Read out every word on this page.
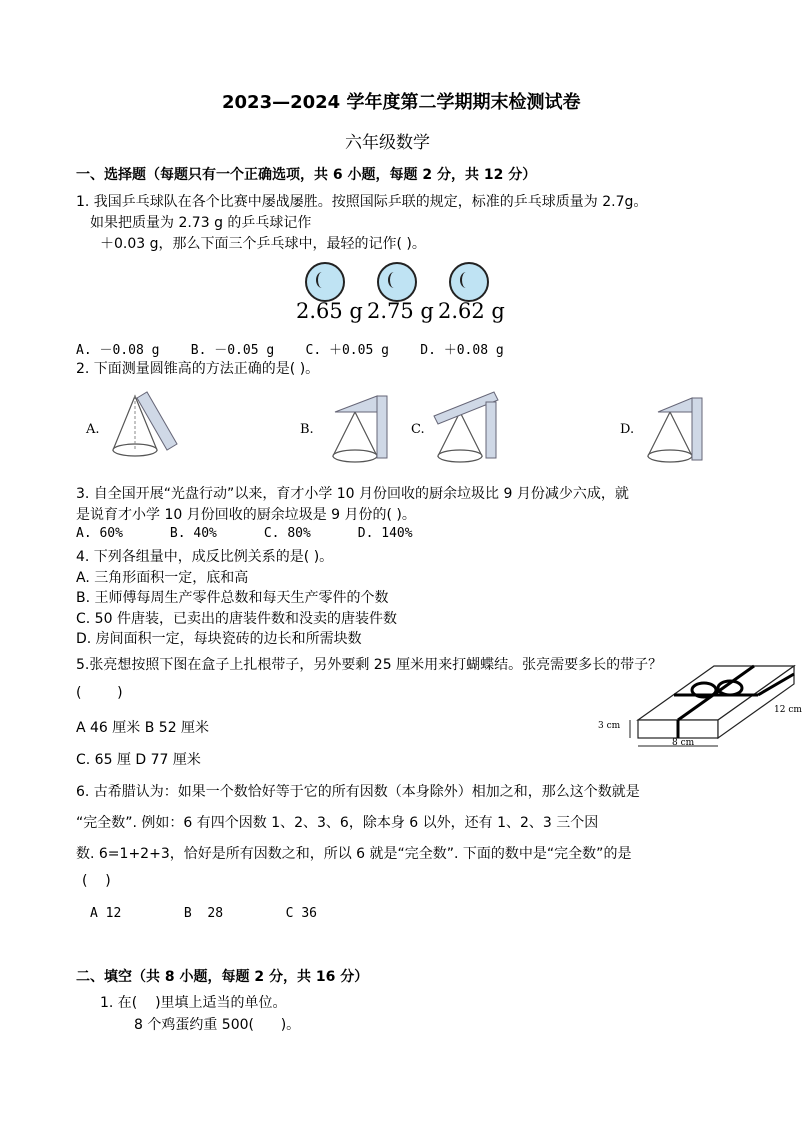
2023—2024 学年度第二学期期末检测试卷
六年级数学
一、选择题（每题只有一个正确选项，共 6 小题，每题 2 分，共 12 分）
1. 我国乒乓球队在各个比赛中屡战屡胜。按照国际乒联的规定，标准的乒乓球质量为 2.7g。
如果把质量为 2.73 g 的乒乓球记作
＋0.03 g，那么下面三个乒乓球中，最轻的记作( )。
2.65 g 2.75 g 2.62 g
A. －0.08 g    B. －0.05 g    C. ＋0.05 g    D. ＋0.08 g
2. 下面测量圆锥高的方法正确的是( )。
A.	B.	C.	D.
3. 自全国开展“光盘行动”以来，育才小学 10 月份回收的厨余垃圾比 9 月份减少六成，就
是说育才小学 10 月份回收的厨余垃圾是 9 月份的( )。
A. 60%      B. 40%      C. 80%      D. 140%
4. 下列各组量中，成反比例关系的是( )。
A. 三角形面积一定，底和高
B. 王师傅每周生产零件总数和每天生产零件的个数
C. 50 件唐装，已卖出的唐装件数和没卖的唐装件数
D. 房间面积一定，每块瓷砖的边长和所需块数
5.张亮想按照下图在盒子上扎根带子，另外要剩 25 厘米用来打蝴蝶结。张亮需要多长的带子？
(        )
A 46 厘米 B 52 厘米
C. 65 厘 D 77 厘米
3 cm
8 cm
12 cm
6. 古希腊认为：如果一个数恰好等于它的所有因数（本身除外）相加之和，那么这个数就是
“完全数”. 例如：6 有四个因数 1、2、3、6，除本身 6 以外，还有 1、2、3 三个因
数. 6=1+2+3，恰好是所有因数之和，所以 6 就是“完全数”. 下面的数中是“完全数”的是
(    )
A 12        B  28        C 36
二、填空（共 8 小题，每题 2 分，共 16 分）
1. 在(    )里填上适当的单位。
8 个鸡蛋约重 500(      )。
